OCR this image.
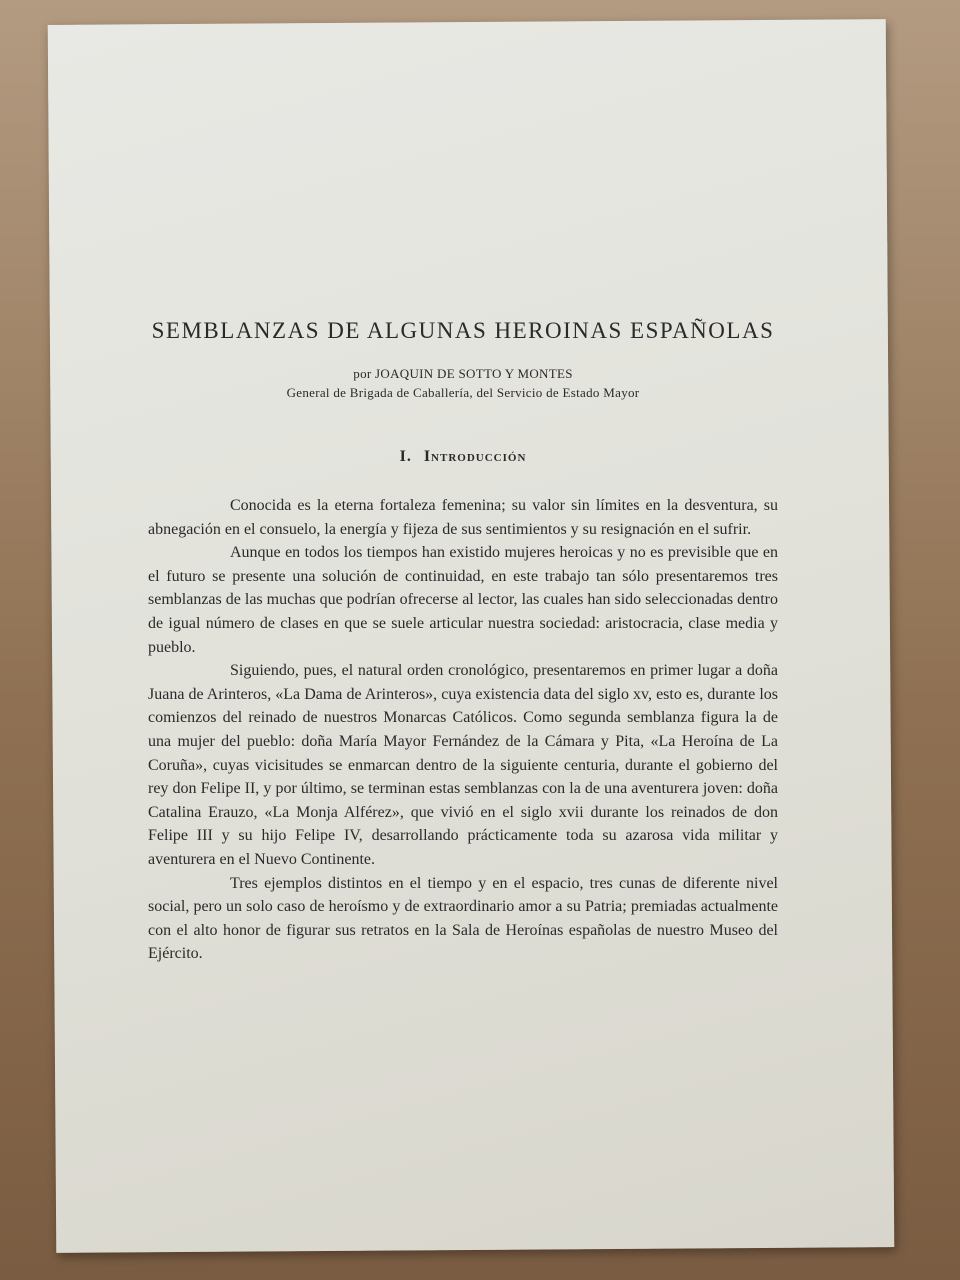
SEMBLANZAS DE ALGUNAS HEROINAS ESPAÑOLAS

por JOAQUIN DE SOTTO Y MONTES

General de Brigada de Caballería, del Servicio de Estado Mayor

I. Introducción

Conocida es la eterna fortaleza femenina; su valor sin límites en la desventura, su abnegación en el consuelo, la energía y fijeza de sus sentimientos y su resignación en el sufrir.

Aunque en todos los tiempos han existido mujeres heroicas y no es previsible que en el futuro se presente una solución de continuidad, en este trabajo tan sólo presentaremos tres semblanzas de las muchas que podrían ofrecerse al lector, las cuales han sido seleccionadas dentro de igual número de clases en que se suele articular nuestra sociedad: aristocracia, clase media y pueblo.

Siguiendo, pues, el natural orden cronológico, presentaremos en primer lugar a doña Juana de Arinteros, «La Dama de Arinteros», cuya existencia data del siglo xv, esto es, durante los comienzos del reinado de nuestros Monarcas Católicos. Como segunda semblanza figura la de una mujer del pueblo: doña María Mayor Fernández de la Cámara y Pita, «La Heroína de La Coruña», cuyas vicisitudes se enmarcan dentro de la siguiente centuria, durante el gobierno del rey don Felipe II, y por último, se terminan estas semblanzas con la de una aventurera joven: doña Catalina Erauzo, «La Monja Alférez», que vivió en el siglo xvii durante los reinados de don Felipe III y su hijo Felipe IV, desarrollando prácticamente toda su azarosa vida militar y aventurera en el Nuevo Continente.

Tres ejemplos distintos en el tiempo y en el espacio, tres cunas de diferente nivel social, pero un solo caso de heroísmo y de extraordinario amor a su Patria; premiadas actualmente con el alto honor de figurar sus retratos en la Sala de Heroínas españolas de nuestro Museo del Ejército.
